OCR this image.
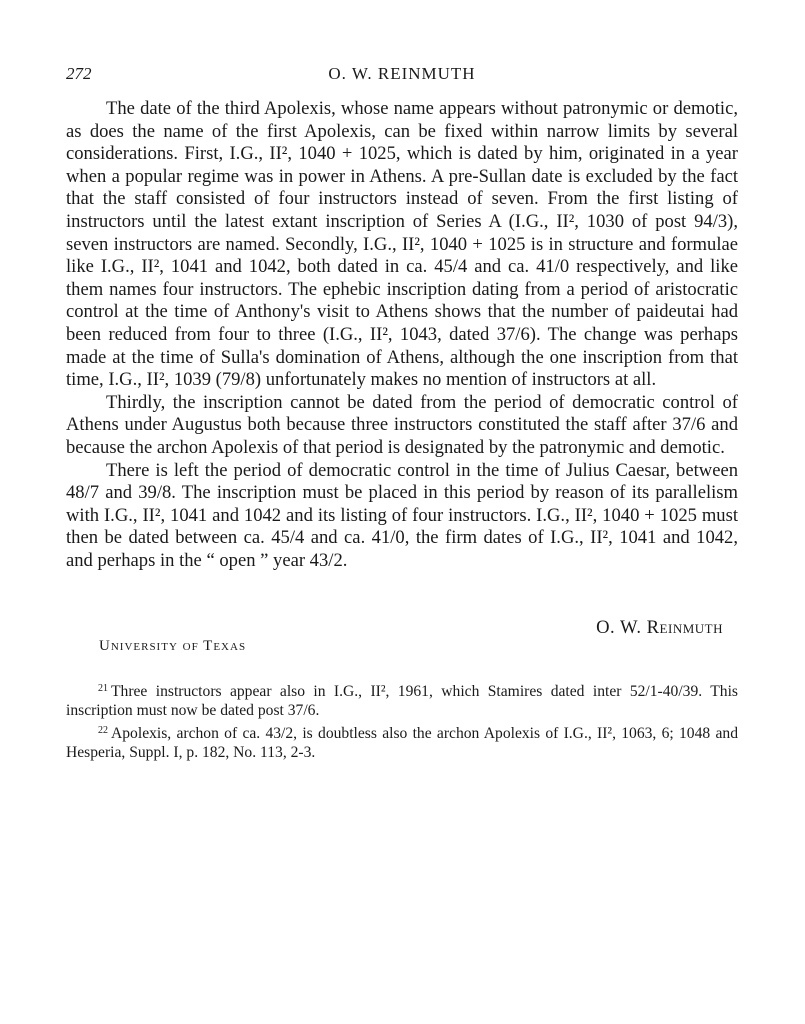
272	O. W. REINMUTH

The date of the third Apolexis, whose name appears without patronymic or demotic, as does the name of the first Apolexis, can be fixed within narrow limits by several considerations. First, I.G., II², 1040 + 1025, which is dated by him, originated in a year when a popular regime was in power in Athens. A pre-Sullan date is excluded by the fact that the staff consisted of four instructors instead of seven. From the first listing of instructors until the latest extant inscription of Series A (I.G., II², 1030 of post 94/3), seven instructors are named. Secondly, I.G., II², 1040 + 1025 is in structure and formulae like I.G., II², 1041 and 1042, both dated in ca. 45/4 and ca. 41/0 respectively, and like them names four instructors. The ephebic inscription dating from a period of aristocratic control at the time of Anthony's visit to Athens shows that the number of paideutai had been reduced from four to three (I.G., II², 1043, dated 37/6). The change was perhaps made at the time of Sulla's domination of Athens, although the one inscription from that time, I.G., II², 1039 (79/8) unfortunately makes no mention of instructors at all.

Thirdly, the inscription cannot be dated from the period of democratic control of Athens under Augustus both because three instructors constituted the staff after 37/6 and because the archon Apolexis of that period is designated by the patronymic and demotic.

There is left the period of democratic control in the time of Julius Caesar, between 48/7 and 39/8. The inscription must be placed in this period by reason of its parallelism with I.G., II², 1041 and 1042 and its listing of four instructors. I.G., II², 1040 + 1025 must then be dated between ca. 45/4 and ca. 41/0, the firm dates of I.G., II², 1041 and 1042, and perhaps in the “ open ” year 43/2.

O. W. Reinmuth
University of Texas

$^{21}$ Three instructors appear also in I.G., II², 1961, which Stamires dated inter 52/1-40/39. This inscription must now be dated post 37/6.

$^{22}$ Apolexis, archon of ca. 43/2, is doubtless also the archon Apolexis of I.G., II², 1063, 6; 1048 and Hesperia, Suppl. I, p. 182, No. 113, 2-3.
